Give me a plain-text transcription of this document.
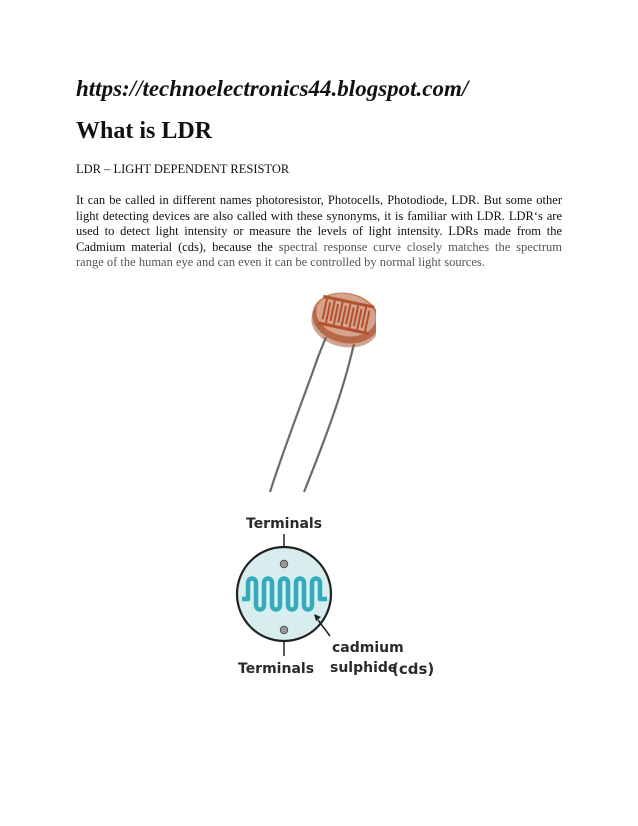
https://technoelectronics44.blogspot.com/

What is LDR

LDR – LIGHT DEPENDENT RESISTOR

It can be called in different names photoresistor, Photocells, Photodiode, LDR. But some other light detecting devices are also called with these synonyms, it is familiar with LDR. LDR‘s are used to detect light intensity or measure the levels of light intensity. LDRs made from the Cadmium material (cds), because the spectral response curve closely matches the spectrum range of the human eye and can even it can be controlled by normal light sources.

Terminals
Terminals
cadmium
sulphide
(cds)
